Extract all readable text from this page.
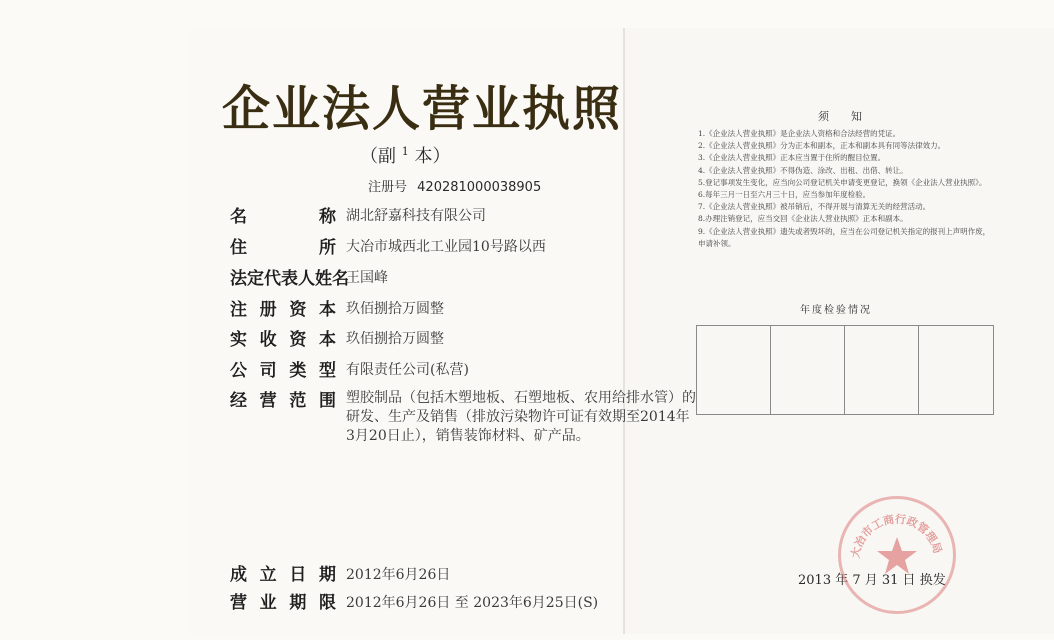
企业法人营业执照
（副 $^1$ 本）
注册号 420281000038905
名	称 湖北舒嘉科技有限公司
住	所 大冶市城西北工业园10号路以西
法定代表人姓名
王国峰
注 册 资 本 玖佰捌拾万圆整
实 收 资 本 玖佰捌拾万圆整
公 司 类 型 有限责任公司(私营)
经 营 范 围 塑胶制品（包括木塑地板、石塑地板、农用给排水管）的研发、生产及销售（排放污染物许可证有效期至2014年3月20日止），销售装饰材料、矿产品。
成 立 日 期 2012年6月26日
营 业 期 限 2012年6月26日 至 2023年6月25日(S)
须知
1.《企业法人营业执照》是企业法人资格和合法经营的凭证。
2.《企业法人营业执照》分为正本和副本，正本和副本具有同等法律效力。
3.《企业法人营业执照》正本应当置于住所的醒目位置。
4.《企业法人营业执照》不得伪造、涂改、出租、出借、转让。
5.登记事项发生变化，应当向公司登记机关申请变更登记，换领《企业法人营业执照》。
6.每年三月一日至六月三十日，应当参加年度检验。
7.《企业法人营业执照》被吊销后，不得开展与清算无关的经营活动。
8.办理注销登记，应当交回《企业法人营业执照》正本和副本。
9.《企业法人营业执照》遗失或者毁坏的，应当在公司登记机关指定的报刊上声明作废，申请补领。
年度检验情况
2013 年 7 月 31 日 换发
大冶市工商行政管理局
